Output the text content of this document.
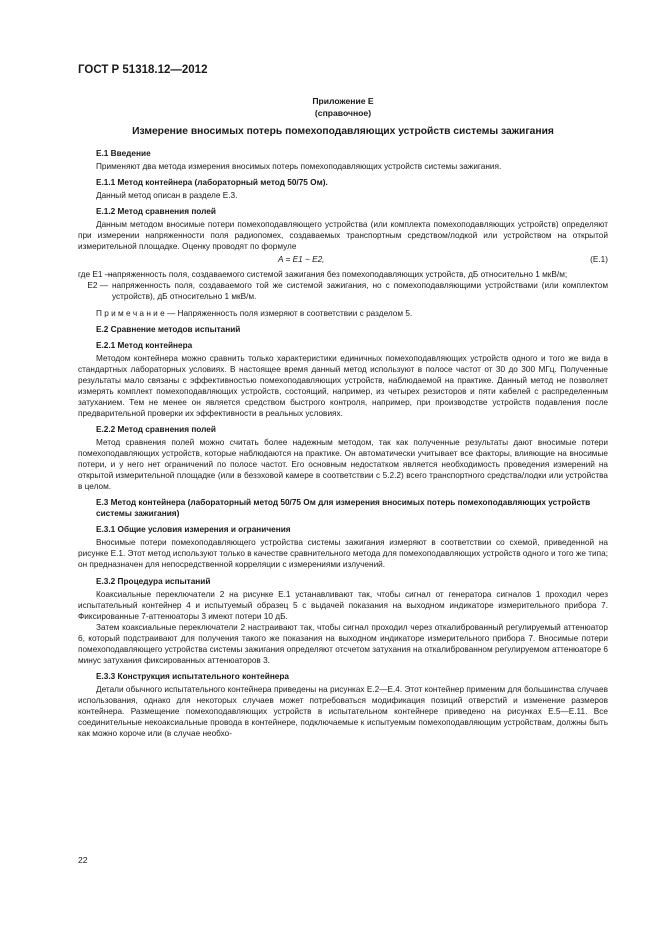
ГОСТ Р 51318.12—2012

Приложение Е

(справочное)

Измерение вносимых потерь помехоподавляющих устройств системы зажигания

Е.1 Введение

Применяют два метода измерения вносимых потерь помехоподавляющих устройств системы зажигания.

Е.1.1 Метод контейнера (лабораторный метод 50/75 Ом).

Данный метод описан в разделе Е.3.

Е.1.2 Метод сравнения полей

Данным методом вносимые потери помехоподавляющего устройства (или комплекта помехоподавляющих устройств) определяют при измерении напряженности поля радиопомех, создаваемых транспортным средством/лодкой или устройством на открытой измерительной площадке. Оценку проводят по формуле

A = E1 − E2,	(Е.1)
где E1 —
напряженность поля, создаваемого системой зажигания без помехоподавляющих устройств, дБ относительно 1 мкВ/м;
E2 — напряженность поля, создаваемого той же системой зажигания, но с помехоподавляющими устройствами (или комплектом устройств), дБ относительно 1 мкВ/м.
П р и м е ч а н и е — Напряженность поля измеряют в соответствии с разделом 5.
Е.2 Сравнение методов испытаний
Е.2.1 Метод контейнера

Методом контейнера можно сравнить только характеристики единичных помехоподавляющих устройств одного и того же вида в стандартных лабораторных условиях. В настоящее время данный метод используют в полосе частот от 30 до 300 МГц. Полученные результаты мало связаны с эффективностью помехоподавляющих устройств, наблюдаемой на практике. Данный метод не позволяет измерять комплект помехоподавляющих устройств, состоящий, например, из четырех резисторов и пяти кабелей с распределенным затуханием. Тем не менее он является средством быстрого контроля, например, при производстве устройств подавления после предварительной проверки их эффективности в реальных условиях.

Е.2.2 Метод сравнения полей

Метод сравнения полей можно считать более надежным методом, так как полученные результаты дают вносимые потери помехоподавляющих устройств, которые наблюдаются на практике. Он автоматически учитывает все факторы, влияющие на вносимые потери, и у него нет ограничений по полосе частот. Его основным недостатком является необходимость проведения измерений на открытой измерительной площадке (или в безэховой камере в соответствии с 5.2.2) всего транспортного средства/лодки или устройства в целом.

Е.3 Метод контейнера (лабораторный метод 50/75 Ом для измерения вносимых потерь помехоподавляющих устройств системы зажигания)
Е.3.1 Общие условия измерения и ограничения

Вносимые потери помехоподавляющего устройства системы зажигания измеряют в соответствии со схемой, приведенной на рисунке Е.1. Этот метод используют только в качестве сравнительного метода для помехоподавляющих устройств одного и того же типа; он предназначен для непосредственной корреляции с измерениями излучений.

Е.3.2 Процедура испытаний

Коаксиальные переключатели 2 на рисунке Е.1 устанавливают так, чтобы сигнал от генератора сигналов 1 проходил через испытательный контейнер 4 и испытуемый образец 5 с выдачей показания на выходном индикаторе измерительного прибора 7. Фиксированные 7-аттенюаторы 3 имеют потери 10 дБ.

Затем коаксиальные переключатели 2 настраивают так, чтобы сигнал проходил через откалиброванный регулируемый аттенюатор 6, который подстраивают для получения такого же показания на выходном индикаторе измерительного прибора 7. Вносимые потери помехоподавляющего устройства системы зажигания определяют отсчетом затухания на откалиброванном регулируемом аттенюаторе 6 минус затухания фиксированных аттенюаторов 3.

Е.3.3 Конструкция испытательного контейнера

Детали обычного испытательного контейнера приведены на рисунках Е.2—Е.4. Этот контейнер применим для большинства случаев использования, однако для некоторых случаев может потребоваться модификация позиций отверстий и изменение размеров контейнера. Размещение помехоподавляющих устройств в испытательном контейнере приведено на рисунках Е.5—Е.11. Все соединительные некоаксиальные провода в контейнере, подключаемые к испытуемым помехоподавляющим устройствам, должны быть как можно короче или (в случае необхо-

22
